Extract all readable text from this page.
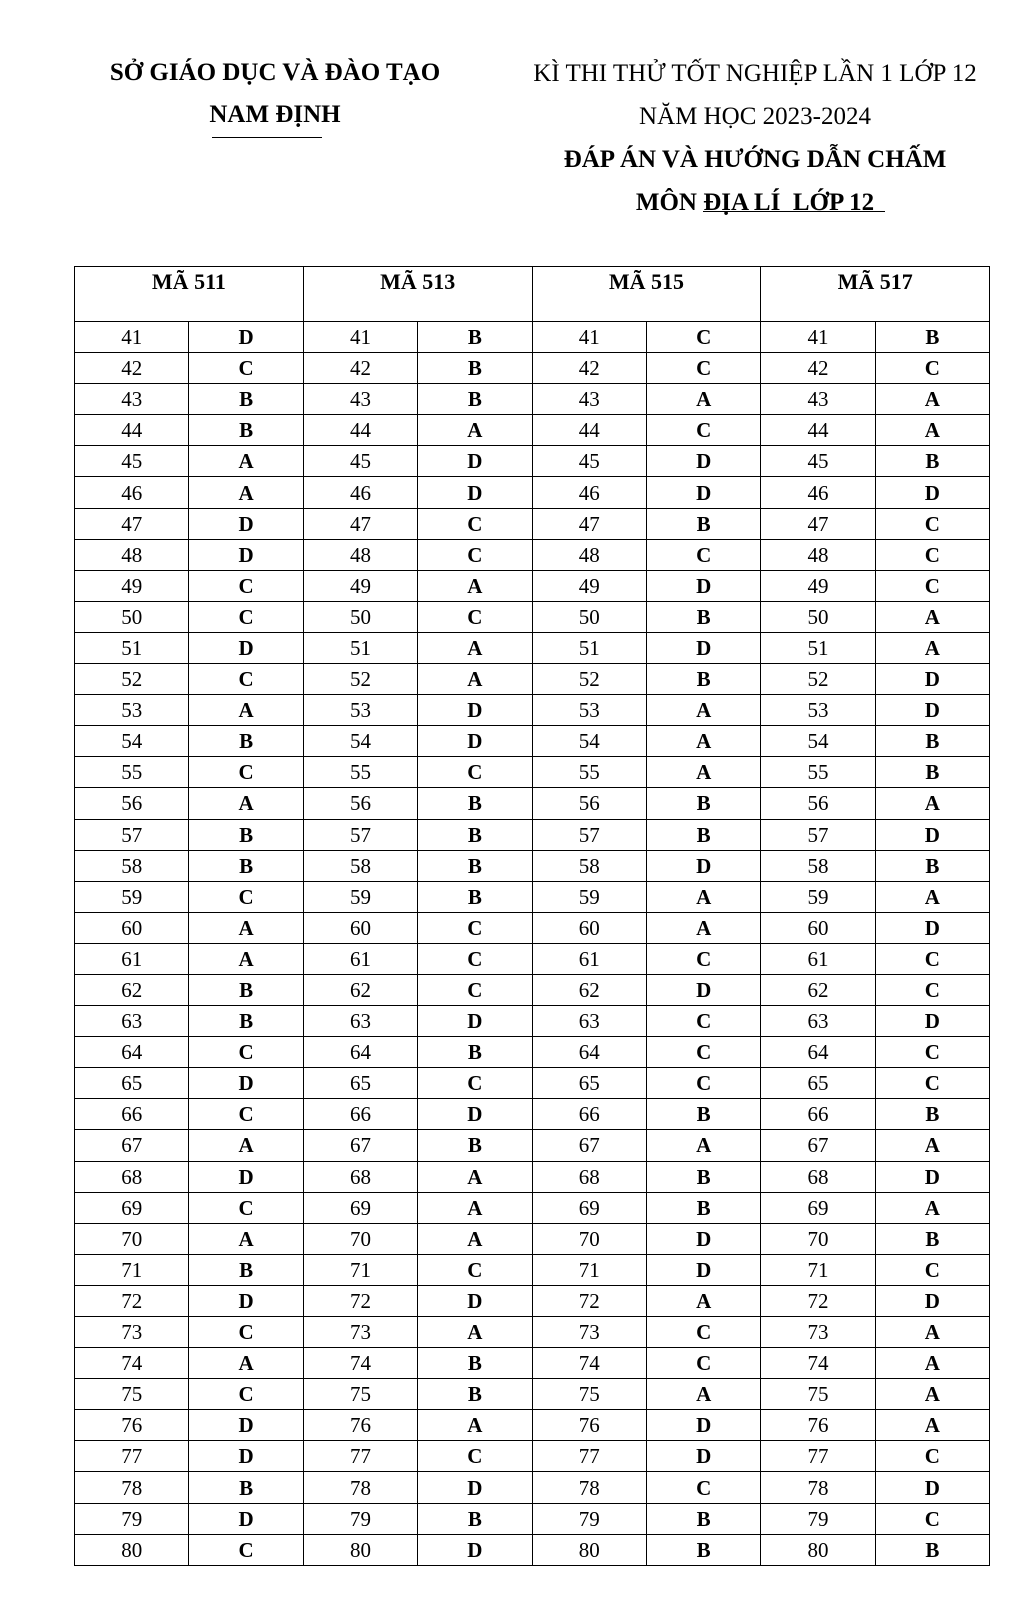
SỞ GIÁO DỤC VÀ ĐÀO TẠO
NAM ĐỊNH
KÌ THI THỬ TỐT NGHIỆP LẦN 1 LỚP 12
NĂM HỌC 2023-2024
ĐÁP ÁN VÀ HƯỚNG DẪN CHẤM
MÔN ĐỊA LÍ  LỚP 12
MÃ 511		MÃ 513		MÃ 515		MÃ 517	
41	D	41	B	41	C	41	B
42	C	42	B	42	C	42	C
43	B	43	B	43	A	43	A
44	B	44	A	44	C	44	A
45	A	45	D	45	D	45	B
46	A	46	D	46	D	46	D
47	D	47	C	47	B	47	C
48	D	48	C	48	C	48	C
49	C	49	A	49	D	49	C
50	C	50	C	50	B	50	A
51	D	51	A	51	D	51	A
52	C	52	A	52	B	52	D
53	A	53	D	53	A	53	D
54	B	54	D	54	A	54	B
55	C	55	C	55	A	55	B
56	A	56	B	56	B	56	A
57	B	57	B	57	B	57	D
58	B	58	B	58	D	58	B
59	C	59	B	59	A	59	A
60	A	60	C	60	A	60	D
61	A	61	C	61	C	61	C
62	B	62	C	62	D	62	C
63	B	63	D	63	C	63	D
64	C	64	B	64	C	64	C
65	D	65	C	65	C	65	C
66	C	66	D	66	B	66	B
67	A	67	B	67	A	67	A
68	D	68	A	68	B	68	D
69	C	69	A	69	B	69	A
70	A	70	A	70	D	70	B
71	B	71	C	71	D	71	C
72	D	72	D	72	A	72	D
73	C	73	A	73	C	73	A
74	A	74	B	74	C	74	A
75	C	75	B	75	A	75	A
76	D	76	A	76	D	76	A
77	D	77	C	77	D	77	C
78	B	78	D	78	C	78	D
79	D	79	B	79	B	79	C
80	C	80	D	80	B	80	B
